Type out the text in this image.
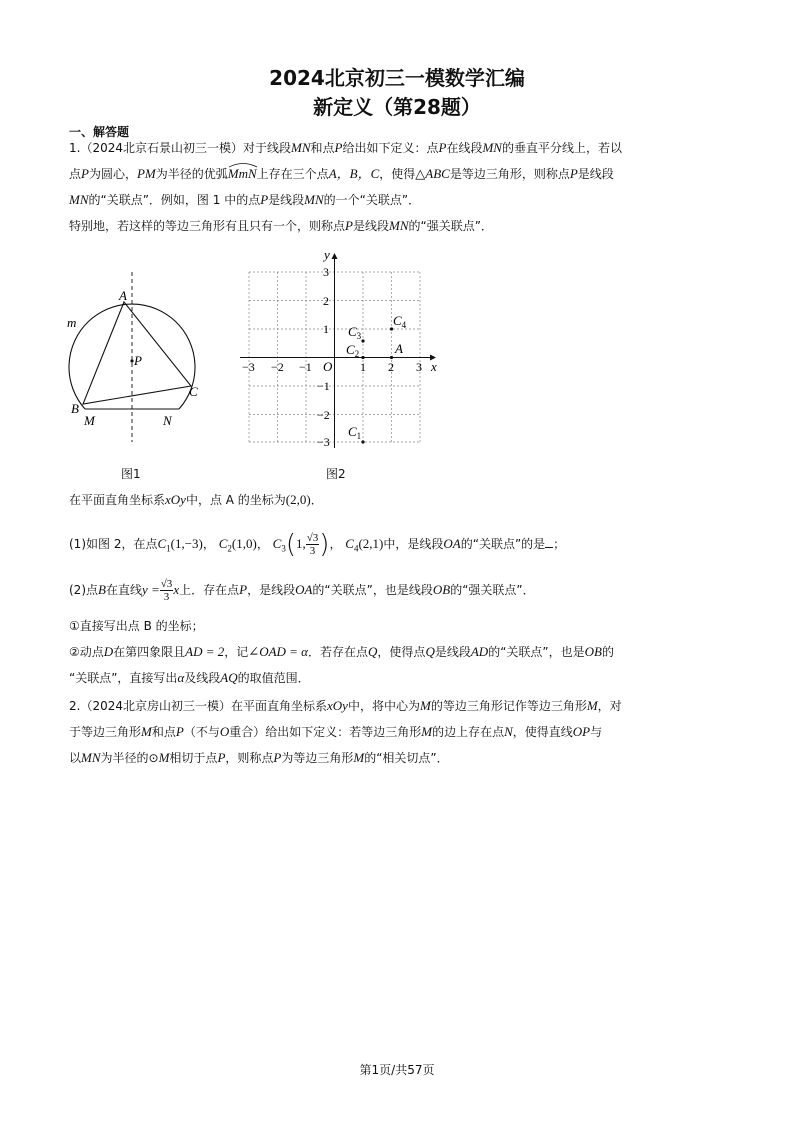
2024北京初三一模数学汇编
新定义（第28题）
一、解答题
1.（2024北京石景山初三一模）对于线段MN和点P给出如下定义：点P在线段MN的垂直平分线上，若以
点P为圆心，PM为半径的优弧MmN
上存在三个点A，B，C，使得△ABC是等边三角形，则称点P是线段
MN的“关联点”．例如，图 1 中的点P是线段MN的一个“关联点”．
特别地，若这样的等边三角形有且只有一个，则称点P是线段MN的“强关联点”．
A
B
C
P
M	N
m
图1
x
y
O
−3 −2 −1	1 2 3
3
2
1
−1
−2
−3
A
$C_2$
$C_3$
$C_4$
$C_1$
图2
在平面直角坐标系xOy中，点 A 的坐标为(2,0)．
(1)如图 2，在点$C_1(1,-3)$， $C_2(1,0)$， $C_3(1$, $\frac{√3}{3}$ )， $C_4(2,1)$中，是线段OA的“关联点”的是 ；
(2)点B在直线$y = \frac{√3}{3}$ x上．存在点P，是线段OA的“关联点”，也是线段OB的“强关联点”．
①直接写出点 B 的坐标；
②动点D在第四象限且AD = 2，记∠OAD = α．若存在点Q，使得点Q是线段AD的“关联点”，也是OB的
“关联点”，直接写出α及线段AQ的取值范围．
2.（2024北京房山初三一模）在平面直角坐标系xOy中，将中心为M的等边三角形记作等边三角形M，对
于等边三角形M和点P（不与O重合）给出如下定义：若等边三角形M的边上存在点N，使得直线OP与
以MN为半径的⊙M相切于点P，则称点P为等边三角形M的“相关切点”．
第1页/共57页
